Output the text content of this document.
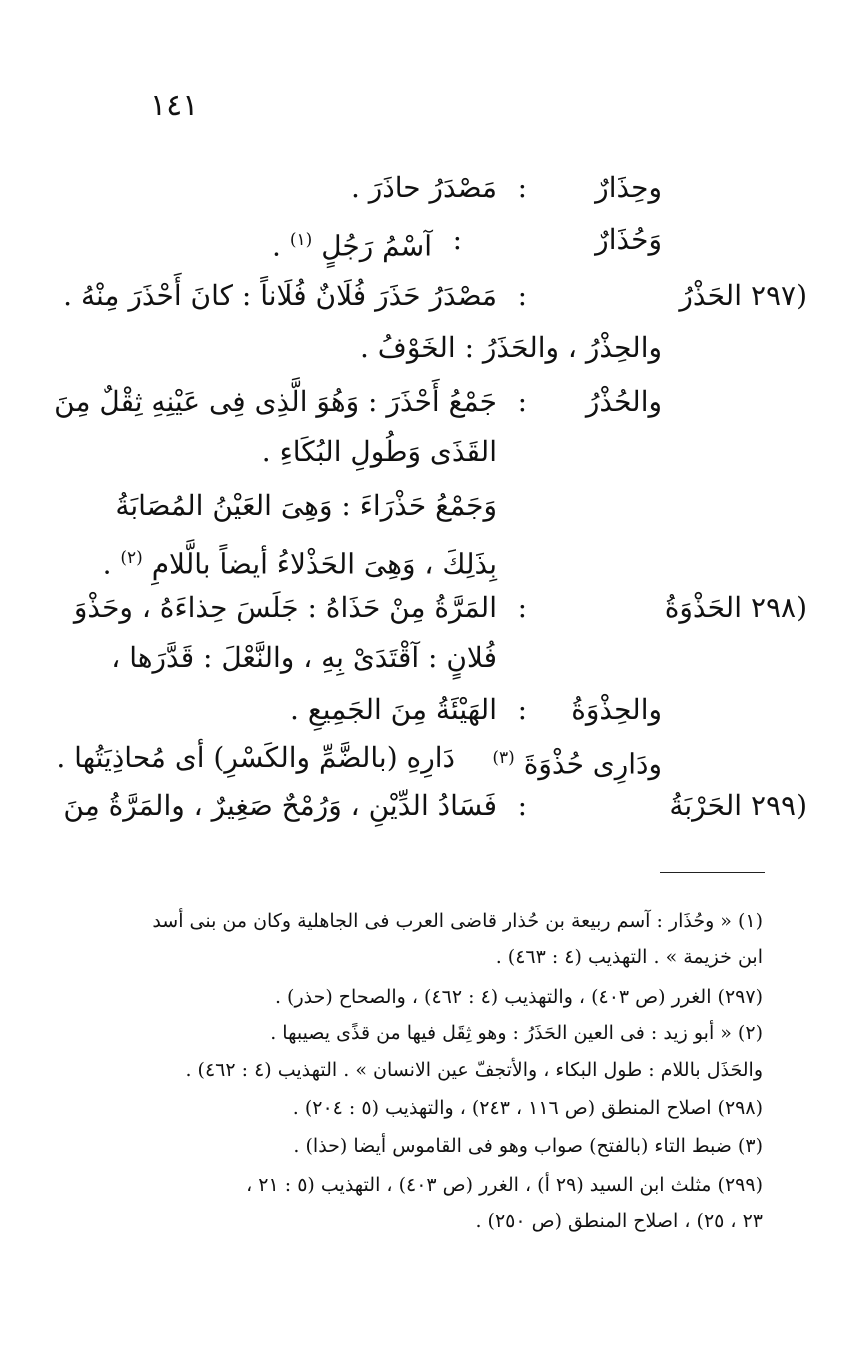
١٤١
وحِذَارٌ
:
مَصْدَرُ حاذَرَ .
وَحُذَارٌ
:
آسْمُ رَجُلٍ $^{(١)}$ .
(٢٩٧
الحَذْرُ
:
مَصْدَرُ حَذَرَ فُلَانٌ فُلَاناً : كانَ أَحْذَرَ مِنْهُ .
والحِذْرُ ، والحَذَرُ : الخَوْفُ .
والحُذْرُ
:
جَمْعُ أَحْذَرَ : وَهُوَ الَّذِى فِى عَيْنِهِ ثِقْلٌ مِنَ
القَذَى وَطُولِ البُكَاءِ .
وَجَمْعُ حَذْرَاءَ : وَهِىَ العَيْنُ المُصَابَةُ
بِذَلِكَ ، وَهِىَ الحَذْلاءُ أيضاً بالَّلامِ $^{(٢)}$ .
(٢٩٨
الحَذْوَةُ
:
المَرَّةُ مِنْ حَذَاهُ : جَلَسَ حِذاءَهُ ، وحَذْوَ
فُلانٍ : آقْتَدَىْ بِهِ ، والنَّعْلَ : قَدَّرَها ،
والحِذْوَةُ
:
الهَيْئَةُ مِنَ الجَمِيعِ .
ودَارِى حُذْوَةَ $^{(٣)}$
دَارِهِ (بالضَّمِّ والكَسْرِ) أى مُحاذِيَتُها .
(٢٩٩
الحَرْبَةُ
:
فَسَادُ الدِّيْنِ ، وَرُمْحٌ صَغِيرٌ ، والمَرَّةُ مِنَ
(١) « وحُذَار : آسم ربيعة بن حُذار قاضى العرب فى الجاهلية وكان من بنى أسد
ابن خزيمة » . التهذيب (٤ : ٤٦٣) .
(٢٩٧) الغرر (ص ٤٠٣) ، والتهذيب (٤ : ٤٦٢) ، والصحاح (حذر) .
(٢) « أبو زيد : فى العين الحَذَرُ : وهو ثِقَل فيها من قذًى يصيبها .
والحَذَل باللام : طول البكاء ، والأتجفّ عين الانسان » . التهذيب (٤ : ٤٦٢) .
(٢٩٨) اصلاح المنطق (ص ١١٦ ، ٢٤٣) ، والتهذيب (٥ : ٢٠٤) .
(٣) ضبط التاء (بالفتح) صواب وهو فى القاموس أيضا (حذا) .
(٢٩٩) مثلث ابن السيد (٢٩ أ) ، الغرر (ص ٤٠٣) ، التهذيب (٥ : ٢١ ،
٢٣ ، ٢٥) ، اصلاح المنطق (ص ٢٥٠) .
